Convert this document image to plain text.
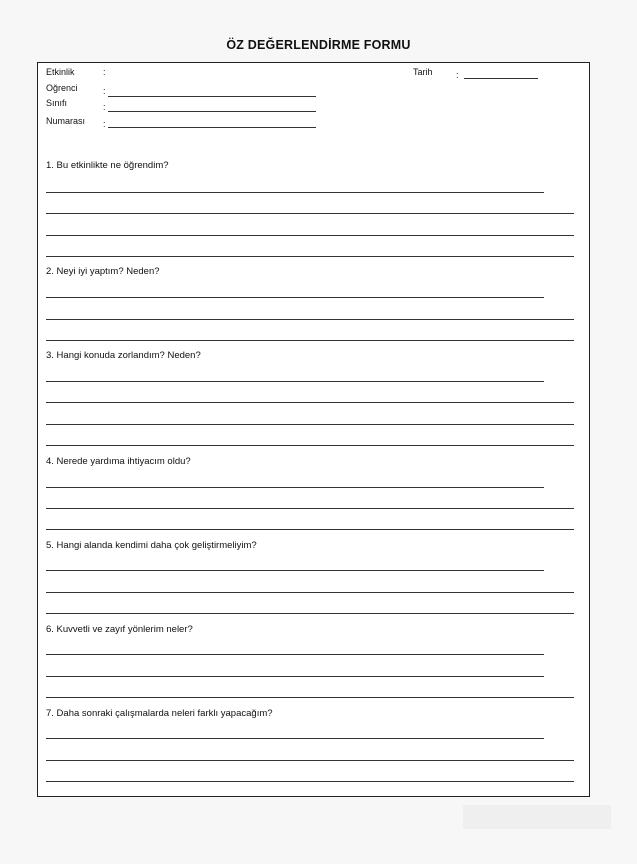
ÖZ DEĞERLENDİRME FORMU
Etkinlik	:
Oğrenci	:
Sınıfı	:
Numarası :
Tarih	:
1. Bu etkinlikte ne öğrendim?
2. Neyi iyi yaptım? Neden?
3. Hangi konuda zorlandım? Neden?
4. Nerede yardıma ihtiyacım oldu?
5. Hangi alanda kendimi daha çok geliştirmeliyim?
6. Kuvvetli ve zayıf yönlerim neler?
7. Daha sonraki çalışmalarda neleri farklı yapacağım?
